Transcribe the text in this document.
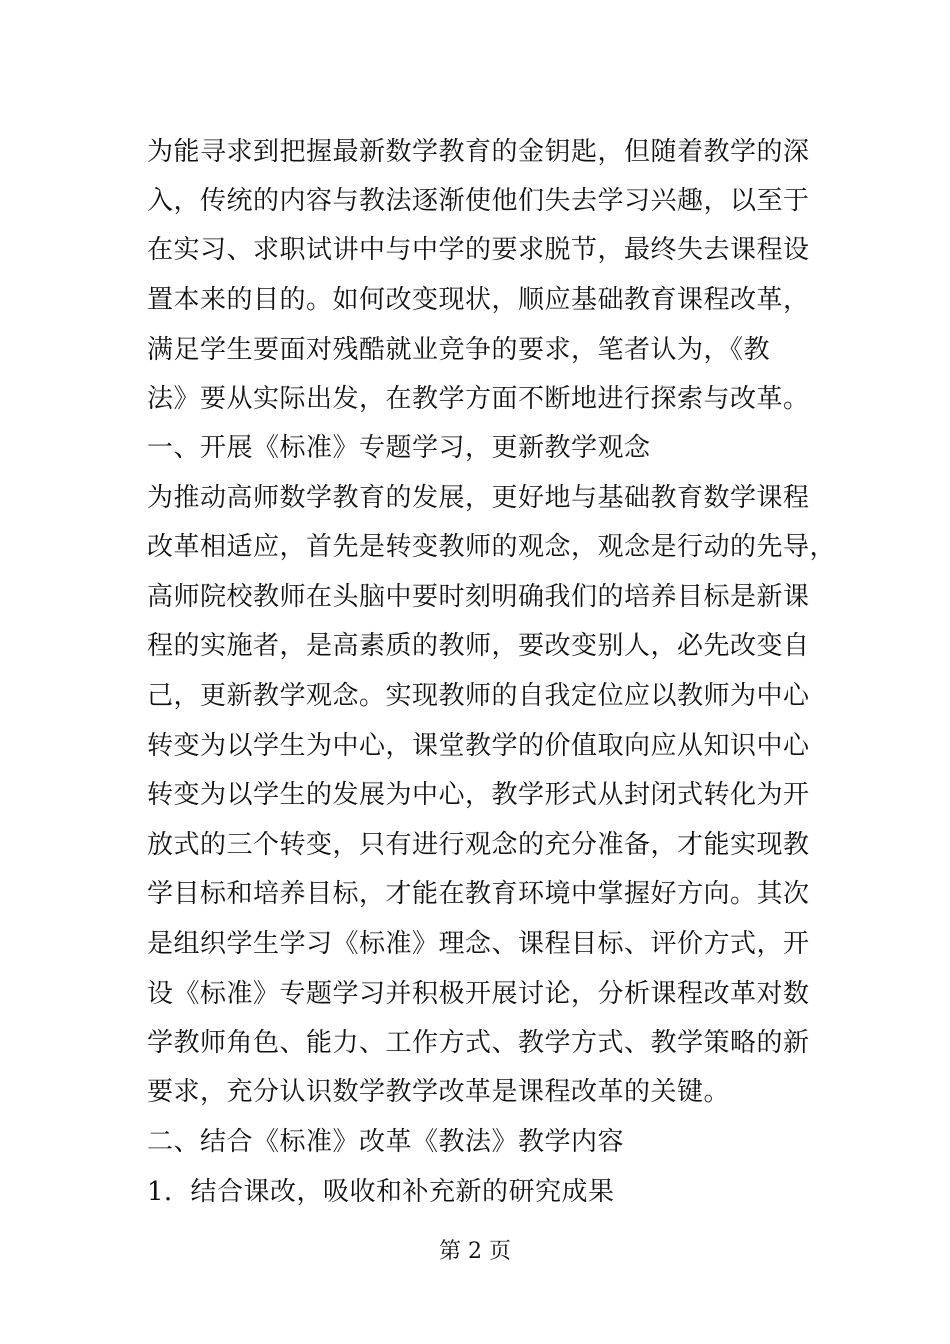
为能寻求到把握最新数学教育的金钥匙，但随着教学的深
入，传统的内容与教法逐渐使他们失去学习兴趣，以至于
在实习、求职试讲中与中学的要求脱节，最终失去课程设
置本来的目的。如何改变现状，顺应基础教育课程改革，
满足学生要面对残酷就业竞争的要求，笔者认为，《教
法》要从实际出发，在教学方面不断地进行探索与改革。
一、开展《标准》专题学习，更新教学观念
为推动高师数学教育的发展，更好地与基础教育数学课程
改革相适应，首先是转变教师的观念，观念是行动的先导，
高师院校教师在头脑中要时刻明确我们的培养目标是新课
程的实施者，是高素质的教师，要改变别人，必先改变自
己，更新教学观念。实现教师的自我定位应以教师为中心
转变为以学生为中心，课堂教学的价值取向应从知识中心
转变为以学生的发展为中心，教学形式从封闭式转化为开
放式的三个转变，只有进行观念的充分准备，才能实现教
学目标和培养目标，才能在教育环境中掌握好方向。其次
是组织学生学习《标准》理念、课程目标、评价方式，开
设《标准》专题学习并积极开展讨论，分析课程改革对数
学教师角色、能力、工作方式、教学方式、教学策略的新
要求，充分认识数学教学改革是课程改革的关键。
二、结合《标准》改革《教法》教学内容
1．结合课改，吸收和补充新的研究成果
第 2 页
